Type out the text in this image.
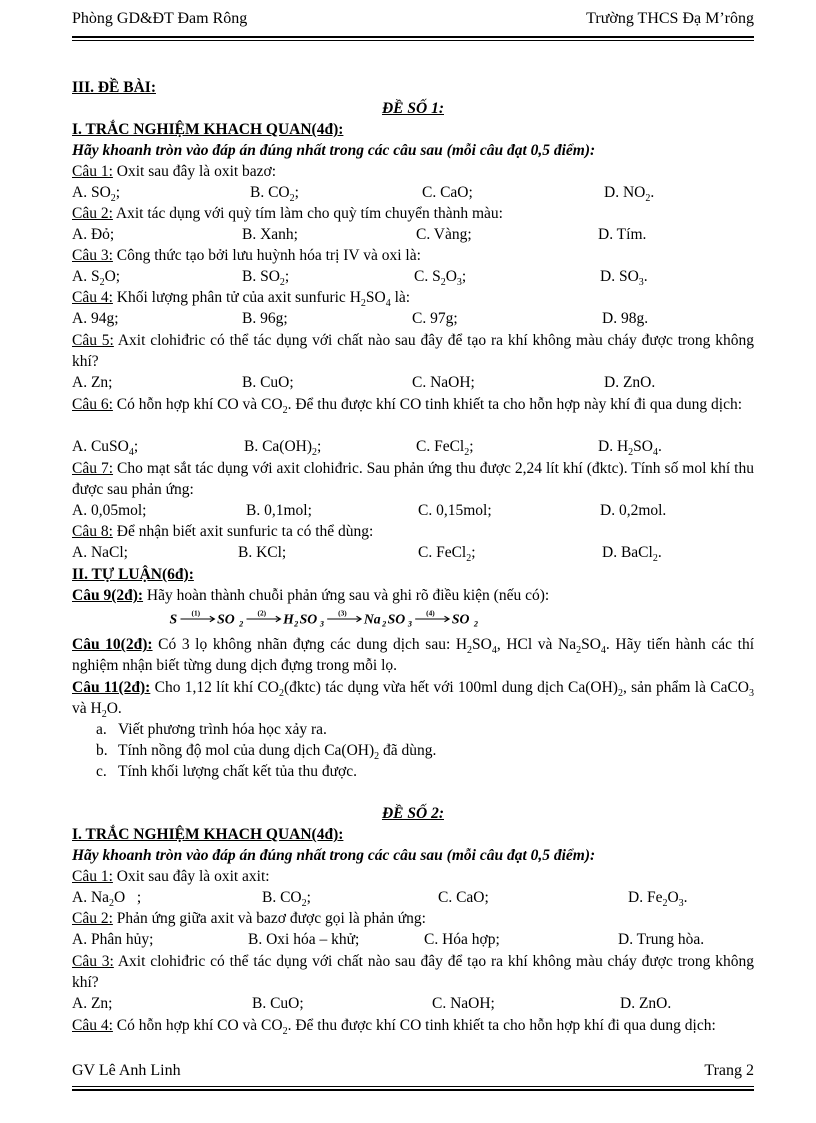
Phòng GD&ĐT Đam Rông	Trường THCS Đạ M’rông
III. ĐỀ BÀI:
ĐỀ SỐ 1:
I. TRẮC NGHIỆM KHACH QUAN(4đ):
Hãy khoanh tròn vào đáp án đúng nhất trong các câu sau (mỗi câu đạt 0,5 điểm):
Câu 1: Oxit sau đây là oxit bazơ:
A. $SO_2$;	B. $CO_2$;	C. CaO;	D. $NO_2$.
Câu 2: Axit tác dụng với quỳ tím làm cho quỳ tím chuyển thành màu:
A. Đỏ;	B. Xanh;	C. Vàng;	D. Tím.
Câu 3: Công thức tạo bởi lưu huỳnh hóa trị IV và oxi là:
A. $S_2O$;	B. $SO_2$;	C. $S_2O_3$;	D. $SO_3$.
Câu 4: Khối lượng phân tử của axit sunfuric $H_2SO_4$ là:
A. 94g;	B. 96g;	C. 97g;	D. 98g.
Câu 5: Axit clohiđric có thể tác dụng với chất nào sau đây để tạo ra khí không màu cháy được trong không khí?
A. Zn;	B. CuO;	C. NaOH;	D. ZnO.
Câu 6: Có hỗn hợp khí CO và $CO_2$. Để thu được khí CO tinh khiết ta cho hỗn hợp này khí đi qua dung dịch:
A. CuSO$_4$;	B. $Ca(OH)_2$;	C. FeCl$_2$;	D. $H_2SO_4$.
Câu 7: Cho mạt sắt tác dụng với axit clohiđric. Sau phản ứng thu được 2,24 lít khí (đktc). Tính số mol khí thu được sau phản ứng:
A. 0,05mol;	B. 0,1mol;	C. 0,15mol;	D. 0,2mol.
Câu 8: Để nhận biết axit sunfuric ta có thể dùng:
A. NaCl;	B. KCl;	C. FeCl$_2$;	D. BaCl$_2$.
II. TỰ LUẬN(6đ):
Câu 9(2đ): Hãy hoàn thành chuỗi phản ứng sau và ghi rõ điều kiện (nếu có):
S (1) SO 2
(2) H 2 SO 3
(3) Na 2 SO 3
(4) SO 2
Câu 10(2đ): Có 3 lọ không nhãn đựng các dung dịch sau: $H_2SO_4$, HCl và $Na_2SO_4$. Hãy tiến hành các thí nghiệm nhận biết từng dung dịch đựng trong mỗi lọ.
Câu 11(2đ): Cho 1,12 lít khí $CO_2(đktc)$ tác dụng vừa hết với 100ml dung dịch $Ca(OH)_2$, sản phẩm là CaCO$_3$ và $H_2O$.
a. Viết phương trình hóa học xảy ra.
b. Tính nồng độ mol của dung dịch $Ca(OH)_2$ đã dùng.
c. Tính khối lượng chất kết tủa thu được.
ĐỀ SỐ 2:
I. TRẮC NGHIỆM KHACH QUAN(4đ):
Hãy khoanh tròn vào đáp án đúng nhất trong các câu sau (mỗi câu đạt 0,5 điểm):
Câu 1: Oxit sau đây là oxit axit:
A. $Na_2O$   ;	B. $CO_2$;	C. CaO;	D. $Fe_2O_3$.
Câu 2: Phản ứng giữa axit và bazơ được gọi là phản ứng:
A. Phân hủy;	B. Oxi hóa – khử;	C. Hóa hợp;	D. Trung hòa.
Câu 3: Axit clohiđric có thể tác dụng với chất nào sau đây để tạo ra khí không màu cháy được trong không khí?
A. Zn;	B. CuO;	C. NaOH;	D. ZnO.
Câu 4: Có hỗn hợp khí CO và $CO_2$. Để thu được khí CO tinh khiết ta cho hỗn hợp khí đi qua dung dịch:
GV Lê Anh Linh	Trang 2
